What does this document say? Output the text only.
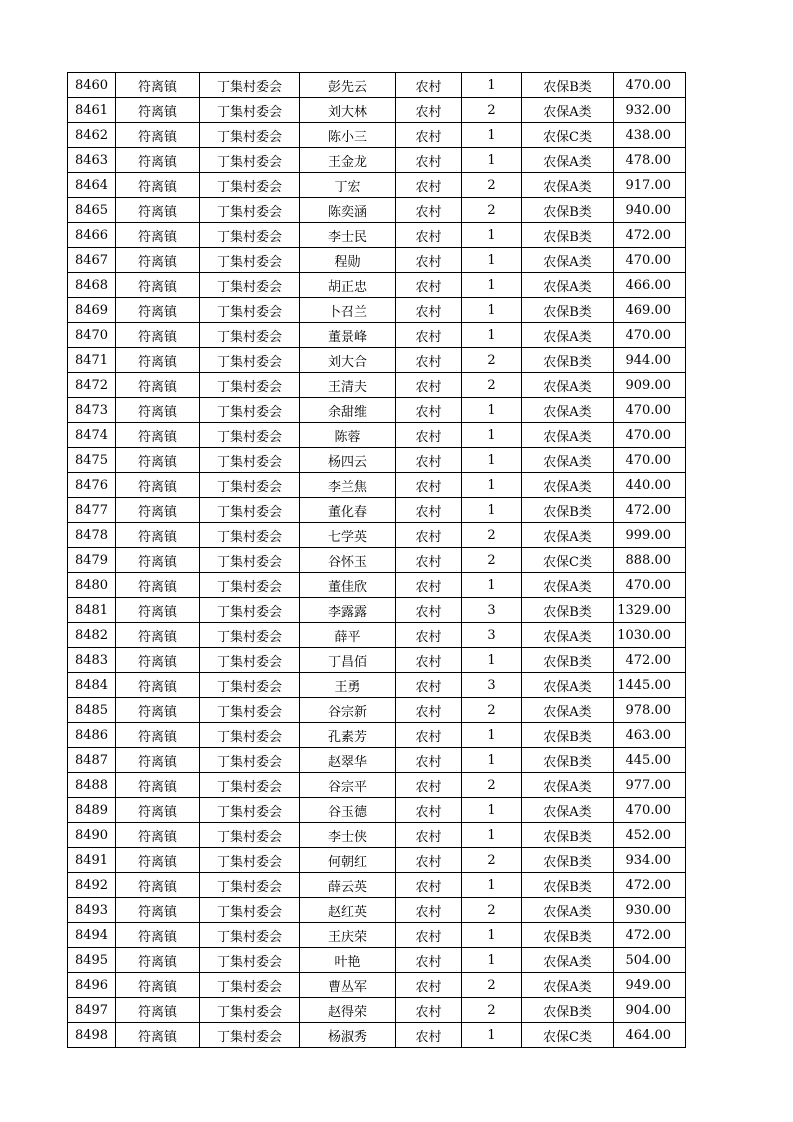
8460	符离镇	丁集村委会	彭先云	农村	1	农保B类	470.00
8461	符离镇	丁集村委会	刘大林	农村	2	农保A类	932.00
8462	符离镇	丁集村委会	陈小三	农村	1	农保C类	438.00
8463	符离镇	丁集村委会	王金龙	农村	1	农保A类	478.00
8464	符离镇	丁集村委会	丁宏	农村	2	农保A类	917.00
8465	符离镇	丁集村委会	陈奕涵	农村	2	农保B类	940.00
8466	符离镇	丁集村委会	李士民	农村	1	农保B类	472.00
8467	符离镇	丁集村委会	程勋	农村	1	农保A类	470.00
8468	符离镇	丁集村委会	胡正忠	农村	1	农保A类	466.00
8469	符离镇	丁集村委会	卜召兰	农村	1	农保B类	469.00
8470	符离镇	丁集村委会	董景峰	农村	1	农保A类	470.00
8471	符离镇	丁集村委会	刘大合	农村	2	农保B类	944.00
8472	符离镇	丁集村委会	王清夫	农村	2	农保A类	909.00
8473	符离镇	丁集村委会	余甜维	农村	1	农保A类	470.00
8474	符离镇	丁集村委会	陈蓉	农村	1	农保A类	470.00
8475	符离镇	丁集村委会	杨四云	农村	1	农保A类	470.00
8476	符离镇	丁集村委会	李兰焦	农村	1	农保A类	440.00
8477	符离镇	丁集村委会	董化春	农村	1	农保B类	472.00
8478	符离镇	丁集村委会	七学英	农村	2	农保A类	999.00
8479	符离镇	丁集村委会	谷怀玉	农村	2	农保C类	888.00
8480	符离镇	丁集村委会	董佳欣	农村	1	农保A类	470.00
8481	符离镇	丁集村委会	李露露	农村	3	农保B类	1329.00
8482	符离镇	丁集村委会	薛平	农村	3	农保A类	1030.00
8483	符离镇	丁集村委会	丁昌佰	农村	1	农保B类	472.00
8484	符离镇	丁集村委会	王勇	农村	3	农保A类	1445.00
8485	符离镇	丁集村委会	谷宗新	农村	2	农保A类	978.00
8486	符离镇	丁集村委会	孔素芳	农村	1	农保B类	463.00
8487	符离镇	丁集村委会	赵翠华	农村	1	农保B类	445.00
8488	符离镇	丁集村委会	谷宗平	农村	2	农保A类	977.00
8489	符离镇	丁集村委会	谷玉德	农村	1	农保A类	470.00
8490	符离镇	丁集村委会	李士侠	农村	1	农保B类	452.00
8491	符离镇	丁集村委会	何朝红	农村	2	农保B类	934.00
8492	符离镇	丁集村委会	薛云英	农村	1	农保B类	472.00
8493	符离镇	丁集村委会	赵红英	农村	2	农保A类	930.00
8494	符离镇	丁集村委会	王庆荣	农村	1	农保B类	472.00
8495	符离镇	丁集村委会	叶艳	农村	1	农保A类	504.00
8496	符离镇	丁集村委会	曹丛军	农村	2	农保A类	949.00
8497	符离镇	丁集村委会	赵得荣	农村	2	农保B类	904.00
8498	符离镇	丁集村委会	杨淑秀	农村	1	农保C类	464.00
